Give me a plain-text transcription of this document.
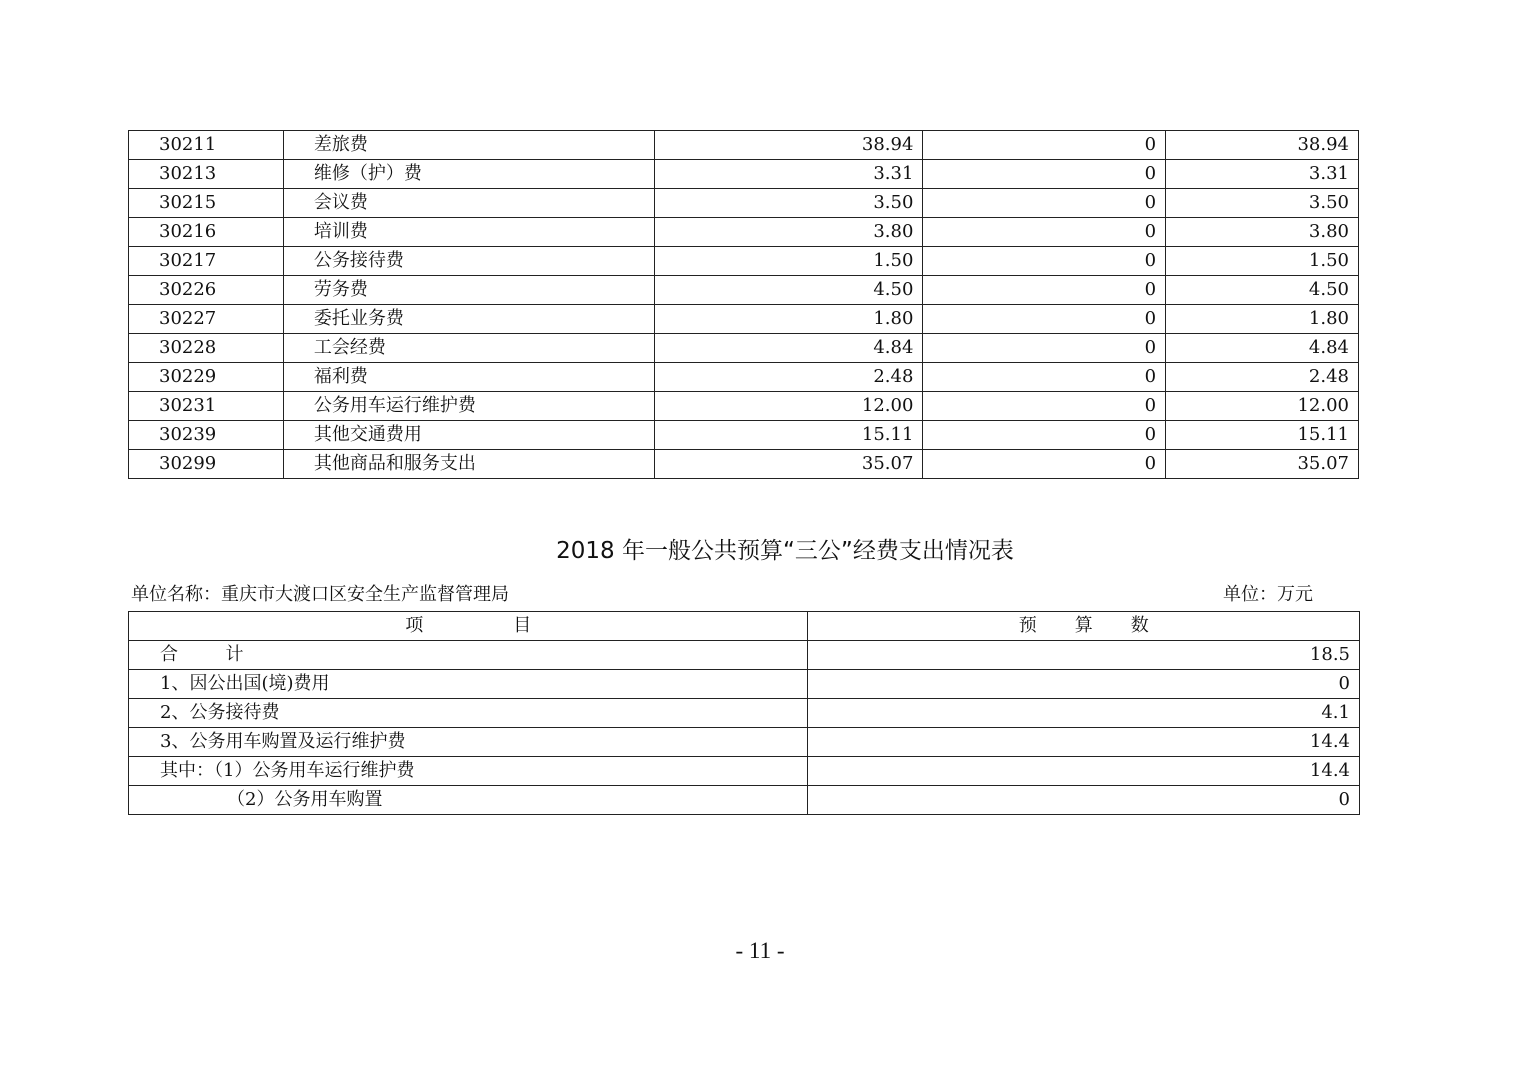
30211	差旅费	38.94	0	38.94
30213	维修（护）费	3.31	0	3.31
30215	会议费	3.50	0	3.50
30216	培训费	3.80	0	3.80
30217	公务接待费	1.50	0	1.50
30226	劳务费	4.50	0	4.50
30227	委托业务费	1.80	0	1.80
30228	工会经费	4.84	0	4.84
30229	福利费	2.48	0	2.48
30231	公务用车运行维护费	12.00	0	12.00
30239	其他交通费用	15.11	0	15.11
30299	其他商品和服务支出	35.07	0	35.07
2018 年一般公共预算“三公”经费支出情况表
单位名称：重庆市大渡口区安全生产监督管理局	单位：万元
项目	预算数
合  计	18.5
1、因公出国(境)费用	0
2、公务接待费	4.1
3、公务用车购置及运行维护费	14.4
其中：（1）公务用车运行维护费	14.4
（2）公务用车购置	0
- 11 -
